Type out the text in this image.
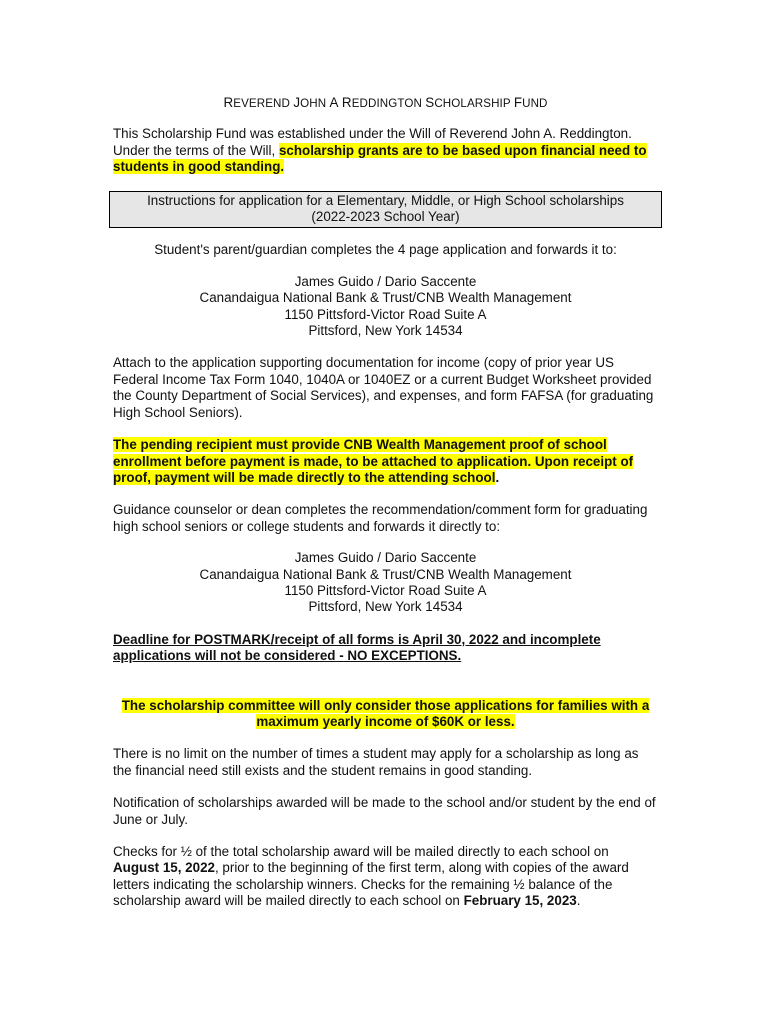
REVEREND JOHN A REDDINGTON SCHOLARSHIP FUND

This Scholarship Fund was established under the Will of Reverend John A. Reddington. Under the terms of the Will, scholarship grants are to be based upon financial need to students in good standing.

Instructions for application for a Elementary, Middle, or High School scholarships
(2022-2023 School Year)

Student's parent/guardian completes the 4 page application and forwards it to:

James Guido / Dario Saccente
Canandaigua National Bank & Trust/CNB Wealth Management
1150 Pittsford-Victor Road Suite A
Pittsford, New York 14534

Attach to the application supporting documentation for income (copy of prior year US Federal Income Tax Form 1040, 1040A or 1040EZ or a current Budget Worksheet provided the County Department of Social Services), and expenses, and form FAFSA (for graduating High School Seniors).

The pending recipient must provide CNB Wealth Management proof of school enrollment before payment is made, to be attached to application. Upon receipt of proof, payment will be made directly to the attending school.

Guidance counselor or dean completes the recommendation/comment form for graduating high school seniors or college students and forwards it directly to:

James Guido / Dario Saccente
Canandaigua National Bank & Trust/CNB Wealth Management
1150 Pittsford-Victor Road Suite A
Pittsford, New York 14534

Deadline for POSTMARK/receipt of all forms is April 30, 2022 and incomplete applications will not be considered - NO EXCEPTIONS.

The scholarship committee will only consider those applications for families with a maximum yearly income of $60K or less.

There is no limit on the number of times a student may apply for a scholarship as long as the financial need still exists and the student remains in good standing.

Notification of scholarships awarded will be made to the school and/or student by the end of June or July.

Checks for ½ of the total scholarship award will be mailed directly to each school on August 15, 2022, prior to the beginning of the first term, along with copies of the award letters indicating the scholarship winners. Checks for the remaining ½ balance of the scholarship award will be mailed directly to each school on February 15, 2023.
